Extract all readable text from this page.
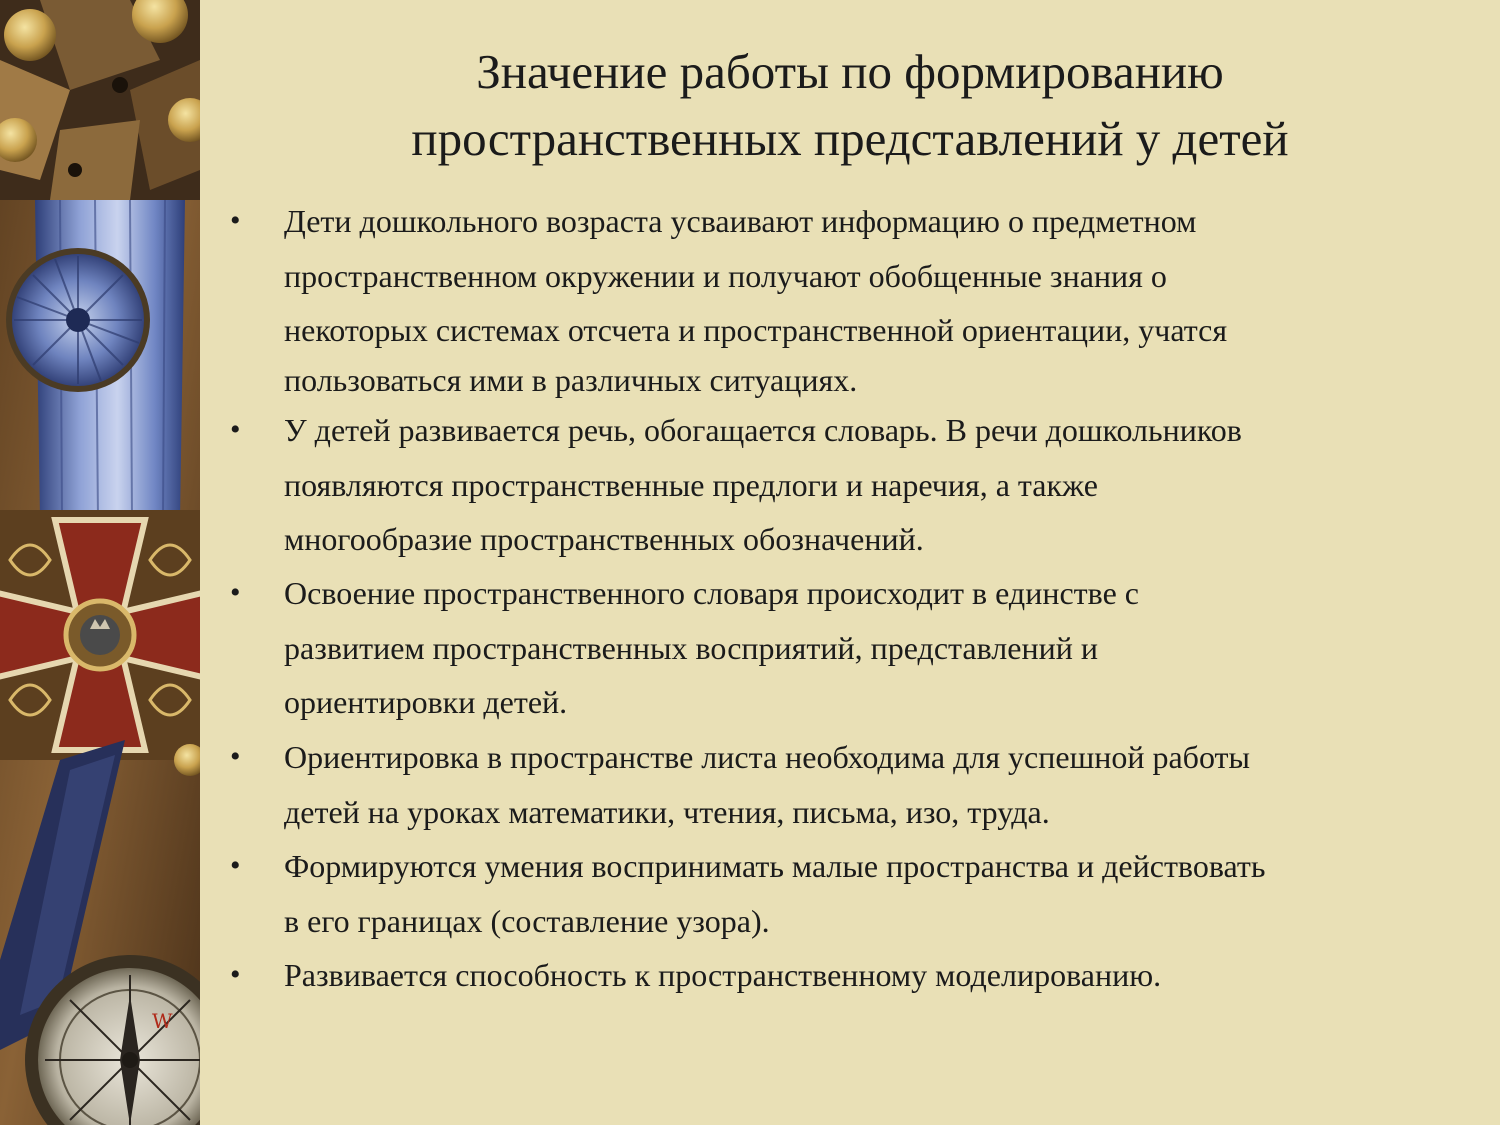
W
Значение работы по формированию
пространственных представлений у детей
• Дети дошкольного возраста усваивают информацию о предметном
пространственном окружении и получают обобщенные знания о
некоторых системах отсчета и пространственной ориентации, учатся
пользоваться ими в различных ситуациях.
• У детей развивается речь, обогащается словарь. В речи дошкольников
появляются пространственные предлоги и наречия, а также
многообразие пространственных обозначений.
• Освоение пространственного словаря происходит в единстве с
развитием пространственных восприятий, представлений и
ориентировки детей.
• Ориентировка в пространстве листа необходима для успешной работы
детей на уроках математики, чтения, письма, изо, труда.
• Формируются умения воспринимать малые пространства и действовать
в его границах (составление узора).
• Развивается способность к пространственному моделированию.
